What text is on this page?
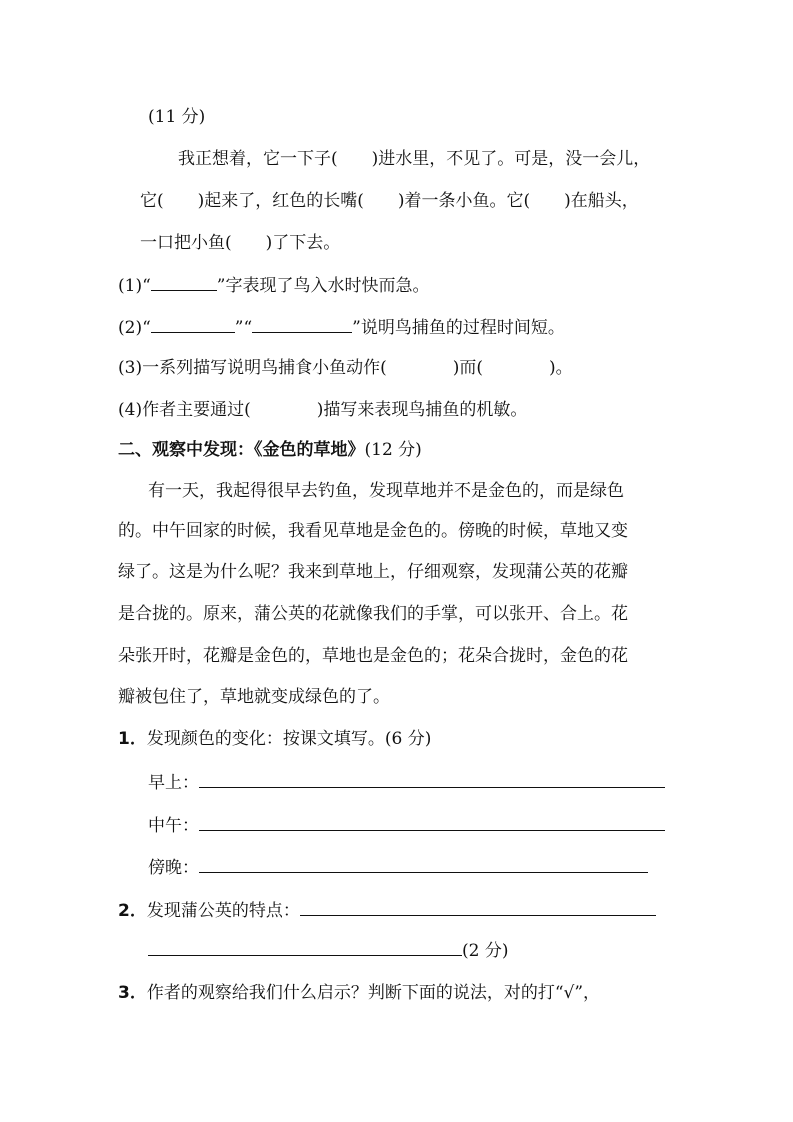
(11 分)
我正想着，它一下子( )进水里，不见了。可是，没一会儿，
它( )起来了，红色的长嘴( )着一条小鱼。它( )在船头，
一口把小鱼( )了下去。
(1)“	”字表现了鸟入水时快而急。
(2)“	”“	”说明鸟捕鱼的过程时间短。
(3)一系列描写说明鸟捕食小鱼动作(	)而(	)。
(4)作者主要通过(	)描写来表现鸟捕鱼的机敏。
二、观察中发现：《金色的草地》(12 分)
有一天，我起得很早去钓鱼，发现草地并不是金色的，而是绿色
的。中午回家的时候，我看见草地是金色的。傍晚的时候，草地又变
绿了。这是为什么呢？我来到草地上，仔细观察，发现蒲公英的花瓣
是合拢的。原来，蒲公英的花就像我们的手掌，可以张开、合上。花
朵张开时，花瓣是金色的，草地也是金色的；花朵合拢时，金色的花
瓣被包住了，草地就变成绿色的了。
1．发现颜色的变化：按课文填写。(6 分)
早上：
中午：
傍晚：
2．发现蒲公英的特点：
(2 分)
3．作者的观察给我们什么启示？判断下面的说法，对的打“√”，
